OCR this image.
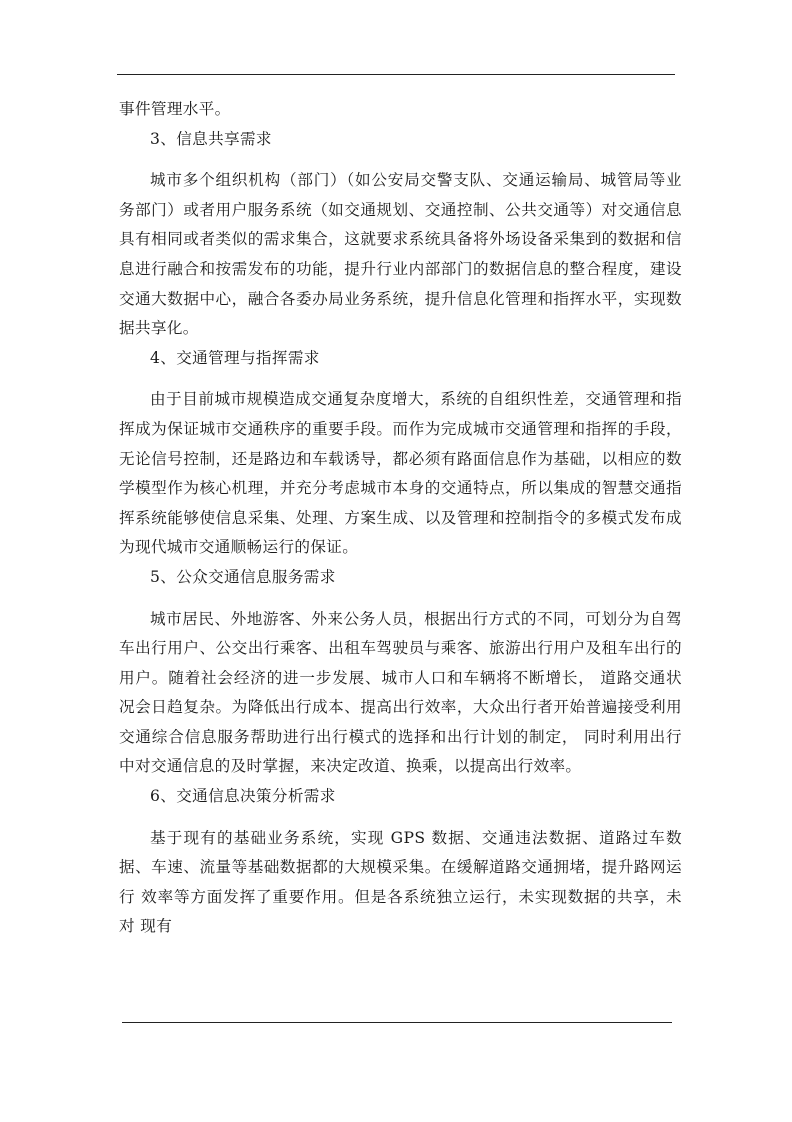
事件管理水平。

3、信息共享需求

城市多个组织机构（部门）（如公安局交警支队、交通运输局、城管局等业务部门）或者用户服务系统（如交通规划、交通控制、公共交通等）对交通信息具有相同或者类似的需求集合，这就要求系统具备将外场设备采集到的数据和信息进行融合和按需发布的功能，提升行业内部部门的数据信息的整合程度，建设交通大数据中心，融合各委办局业务系统，提升信息化管理和指挥水平，实现数据共享化。

4、交通管理与指挥需求

由于目前城市规模造成交通复杂度增大，系统的自组织性差，交通管理和指挥成为保证城市交通秩序的重要手段。而作为完成城市交通管理和指挥的手段，无论信号控制，还是路边和车载诱导，都必须有路面信息作为基础，以相应的数学模型作为核心机理，并充分考虑城市本身的交通特点，所以集成的智慧交通指挥系统能够使信息采集、处理、方案生成、以及管理和控制指令的多模式发布成为现代城市交通顺畅运行的保证。

5、公众交通信息服务需求

城市居民、外地游客、外来公务人员，根据出行方式的不同，可划分为自驾车出行用户、公交出行乘客、出租车驾驶员与乘客、旅游出行用户及租车出行的用户。随着社会经济的进一步发展、城市人口和车辆将不断增长， 道路交通状况会日趋复杂。为降低出行成本、提高出行效率，大众出行者开始普遍接受利用交通综合信息服务帮助进行出行模式的选择和出行计划的制定， 同时利用出行中对交通信息的及时掌握，来决定改道、换乘，以提高出行效率。

6、交通信息决策分析需求

基于现有的基础业务系统，实现 GPS 数据、交通违法数据、道路过车数据、车速、流量等基础数据都的大规模采集。在缓解道路交通拥堵，提升路网运行 效率等方面发挥了重要作用。但是各系统独立运行，未实现数据的共享，未对 现有
